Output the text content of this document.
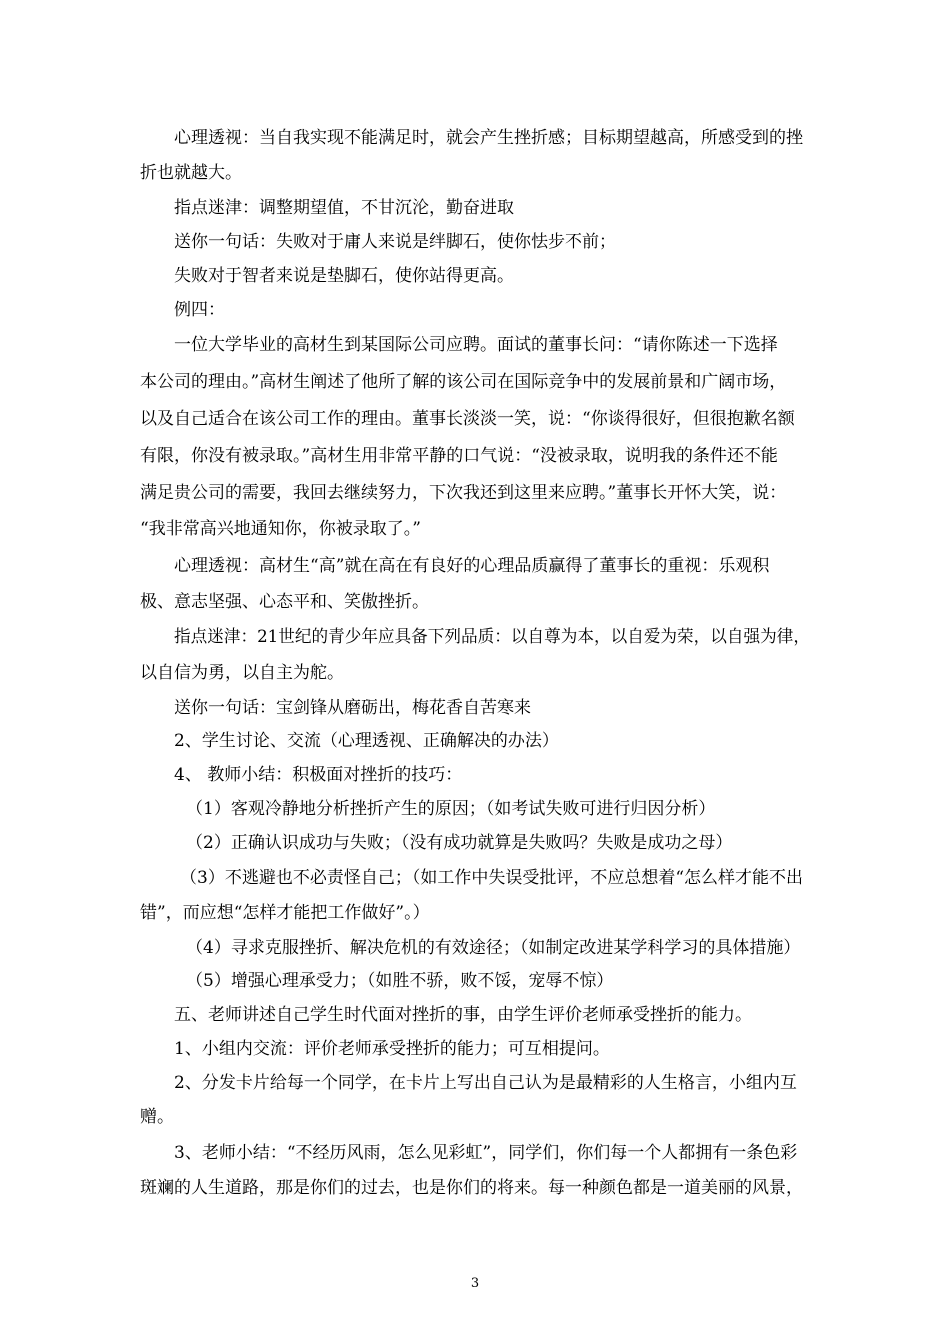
心理透视：当自我实现不能满足时，就会产生挫折感；目标期望越高，所感受到的挫
折也就越大。
指点迷津：调整期望值，不甘沉沦，勤奋进取
送你一句话：失败对于庸人来说是绊脚石，使你怯步不前；
失败对于智者来说是垫脚石，使你站得更高。
例四：
一位大学毕业的高材生到某国际公司应聘。面试的董事长问：“请你陈述一下选择
本公司的理由。”高材生阐述了他所了解的该公司在国际竞争中的发展前景和广阔市场，
以及自己适合在该公司工作的理由。董事长淡淡一笑，说：“你谈得很好，但很抱歉名额
有限，你没有被录取。”高材生用非常平静的口气说：“没被录取，说明我的条件还不能
满足贵公司的需要，我回去继续努力，下次我还到这里来应聘。”董事长开怀大笑，说：
“我非常高兴地通知你，你被录取了。”
心理透视：高材生“高”就在高在有良好的心理品质赢得了董事长的重视：乐观积
极、意志坚强、心态平和、笑傲挫折。
指点迷津：21世纪的青少年应具备下列品质：以自尊为本，以自爱为荣，以自强为律，
以自信为勇，以自主为舵。
送你一句话：宝剑锋从磨砺出，梅花香自苦寒来
2、学生讨论、交流（心理透视、正确解决的办法）
4、 教师小结：积极面对挫折的技巧：
（1）客观冷静地分析挫折产生的原因；（如考试失败可进行归因分析）
（2）正确认识成功与失败；（没有成功就算是失败吗？失败是成功之母）
（3）不逃避也不必责怪自己；（如工作中失误受批评，不应总想着“怎么样才能不出
错”，而应想“怎样才能把工作做好”。）
（4）寻求克服挫折、解决危机的有效途径；（如制定改进某学科学习的具体措施）
（5）增强心理承受力；（如胜不骄，败不馁，宠辱不惊）
五、老师讲述自己学生时代面对挫折的事，由学生评价老师承受挫折的能力。
1、小组内交流：评价老师承受挫折的能力；可互相提问。
2、分发卡片给每一个同学，在卡片上写出自己认为是最精彩的人生格言，小组内互
赠。
3、老师小结：“不经历风雨，怎么见彩虹”，同学们，你们每一个人都拥有一条色彩
斑斓的人生道路，那是你们的过去，也是你们的将来。每一种颜色都是一道美丽的风景，
3
